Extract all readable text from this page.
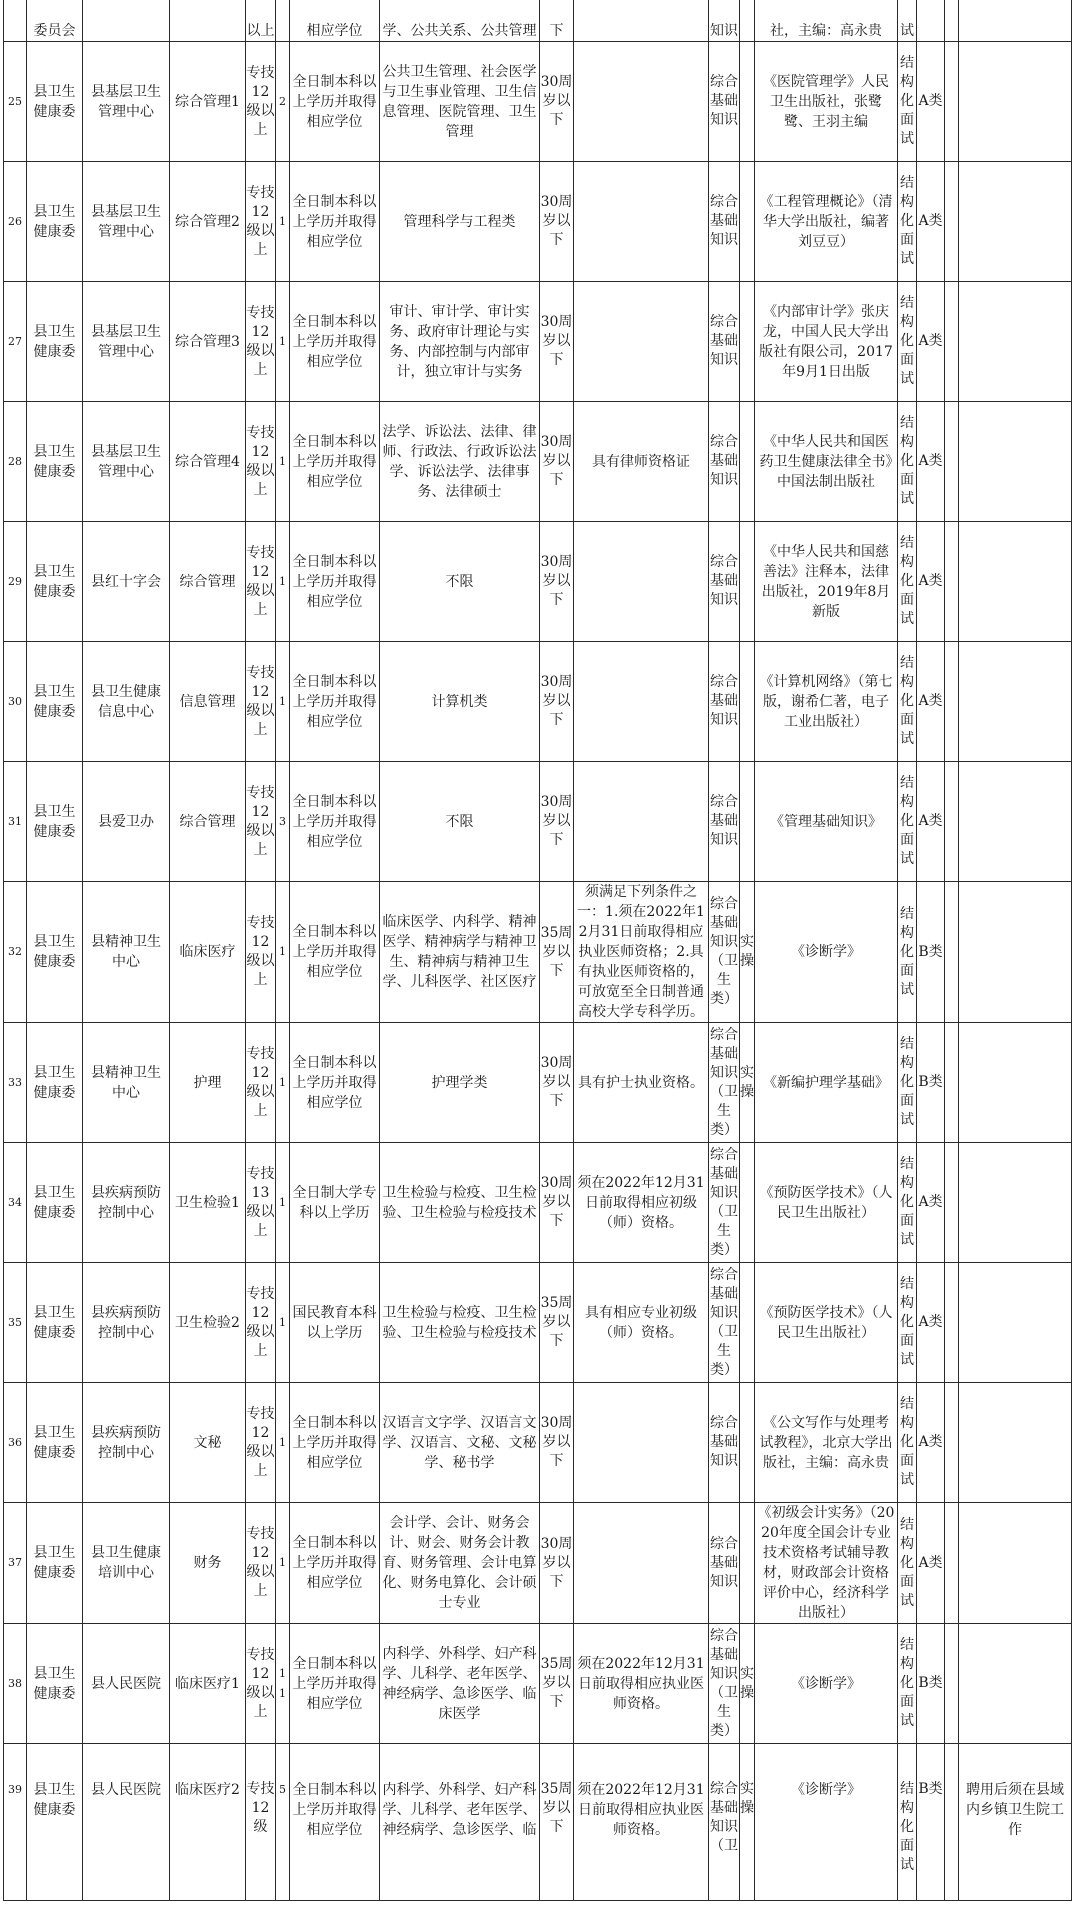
	委员会			以上		相应学位	学、公共关系、公共管理	下		知识		社，主编：高永贵	试			
25	县卫生健康委	县基层卫生管理中心	综合管理1	专技12级以上	2	全日制本科以上学历并取得相应学位	公共卫生管理、社会医学与卫生事业管理、卫生信息管理、医院管理、卫生管理	30周岁以下		综合基础知识		《医院管理学》人民卫生出版社，张鹭鹭、王羽主编	结构化面试	A类		
26	县卫生健康委	县基层卫生管理中心	综合管理2	专技12级以上	1	全日制本科以上学历并取得相应学位	管理科学与工程类	30周岁以下		综合基础知识		《工程管理概论》（清华大学出版社，编著刘豆豆）	结构化面试	A类		
27	县卫生健康委	县基层卫生管理中心	综合管理3	专技12级以上	1	全日制本科以上学历并取得相应学位	审计、审计学、审计实务、政府审计理论与实务、内部控制与内部审计，独立审计与实务	30周岁以下		综合基础知识		《内部审计学》张庆龙，中国人民大学出版社有限公司，2017年9月1日出版	结构化面试	A类		
28	县卫生健康委	县基层卫生管理中心	综合管理4	专技12级以上	1	全日制本科以上学历并取得相应学位	法学、诉讼法、法律、律师、行政法、行政诉讼法学、诉讼法学、法律事务、法律硕士	30周岁以下	具有律师资格证	综合基础知识		《中华人民共和国医药卫生健康法律全书》中国法制出版社	结构化面试	A类		
29	县卫生健康委	县红十字会	综合管理	专技12级以上	1	全日制本科以上学历并取得相应学位	不限	30周岁以下		综合基础知识		《中华人民共和国慈善法》注释本，法律出版社，2019年8月新版	结构化面试	A类		
30	县卫生健康委	县卫生健康信息中心	信息管理	专技12级以上	1	全日制本科以上学历并取得相应学位	计算机类	30周岁以下		综合基础知识		《计算机网络》（第七版，谢希仁著，电子工业出版社）	结构化面试	A类		
31	县卫生健康委	县爱卫办	综合管理	专技12级以上	3	全日制本科以上学历并取得相应学位	不限	30周岁以下		综合基础知识		《管理基础知识》	结构化面试	A类		
32	县卫生健康委	县精神卫生中心	临床医疗	专技12级以上	1	全日制本科以上学历并取得相应学位	临床医学、内科学、精神医学、精神病学与精神卫生、精神病与精神卫生学、儿科医学、社区医疗	35周岁以下	须满足下列条件之一：1.须在2022年12月31日前取得相应执业医师资格；2.具有执业医师资格的，可放宽至全日制普通高校大学专科学历。	综合基础知识（卫生类）	实操	《诊断学》	结构化面试	B类		
33	县卫生健康委	县精神卫生中心	护理	专技12级以上	1	全日制本科以上学历并取得相应学位	护理学类	30周岁以下	具有护士执业资格。	综合基础知识（卫生类）	实操	《新编护理学基础》	结构化面试	B类		
34	县卫生健康委	县疾病预防控制中心	卫生检验1	专技13级以上	1	全日制大学专科以上学历	卫生检验与检疫、卫生检验、卫生检验与检疫技术	30周岁以下	须在2022年12月31日前取得相应初级（师）资格。	综合基础知识（卫生类）		《预防医学技术》（人民卫生出版社）	结构化面试	A类		
35	县卫生健康委	县疾病预防控制中心	卫生检验2	专技12级以上	1	国民教育本科以上学历	卫生检验与检疫、卫生检验、卫生检验与检疫技术	35周岁以下	具有相应专业初级（师）资格。	综合基础知识（卫生类）		《预防医学技术》（人民卫生出版社）	结构化面试	A类		
36	县卫生健康委	县疾病预防控制中心	文秘	专技12级以上	1	全日制本科以上学历并取得相应学位	汉语言文字学、汉语言文学、汉语言、文秘、文秘学、秘书学	30周岁以下		综合基础知识		《公文写作与处理考试教程》，北京大学出版社，主编：高永贵	结构化面试	A类		
37	县卫生健康委	县卫生健康培训中心	财务	专技12级以上	1	全日制本科以上学历并取得相应学位	会计学、会计、财务会计、财会、财务会计教育、财务管理、会计电算化、财务电算化、会计硕士专业	30周岁以下		综合基础知识		《初级会计实务》（2020年度全国会计专业技术资格考试辅导教材，财政部会计资格评价中心，经济科学出版社）	结构化面试	A类		
38	县卫生健康委	县人民医院	临床医疗1	专技12级以上	11	全日制本科以上学历并取得相应学位	内科学、外科学、妇产科学、儿科学、老年医学、神经病学、急诊医学、临床医学	35周岁以下	须在2022年12月31日前取得相应执业医师资格。	综合基础知识（卫生类）	实操	《诊断学》	结构化面试	B类		
39	县卫生健康委	县人民医院	临床医疗2	专技12级	5	全日制本科以上学历并取得相应学位	内科学、外科学、妇产科学、儿科学、老年医学、神经病学、急诊医学、临	35周岁以下	须在2022年12月31日前取得相应执业医师资格。	综合基础知识（卫	实操	《诊断学》	结构化面试	B类		聘用后须在县域内乡镇卫生院工作
